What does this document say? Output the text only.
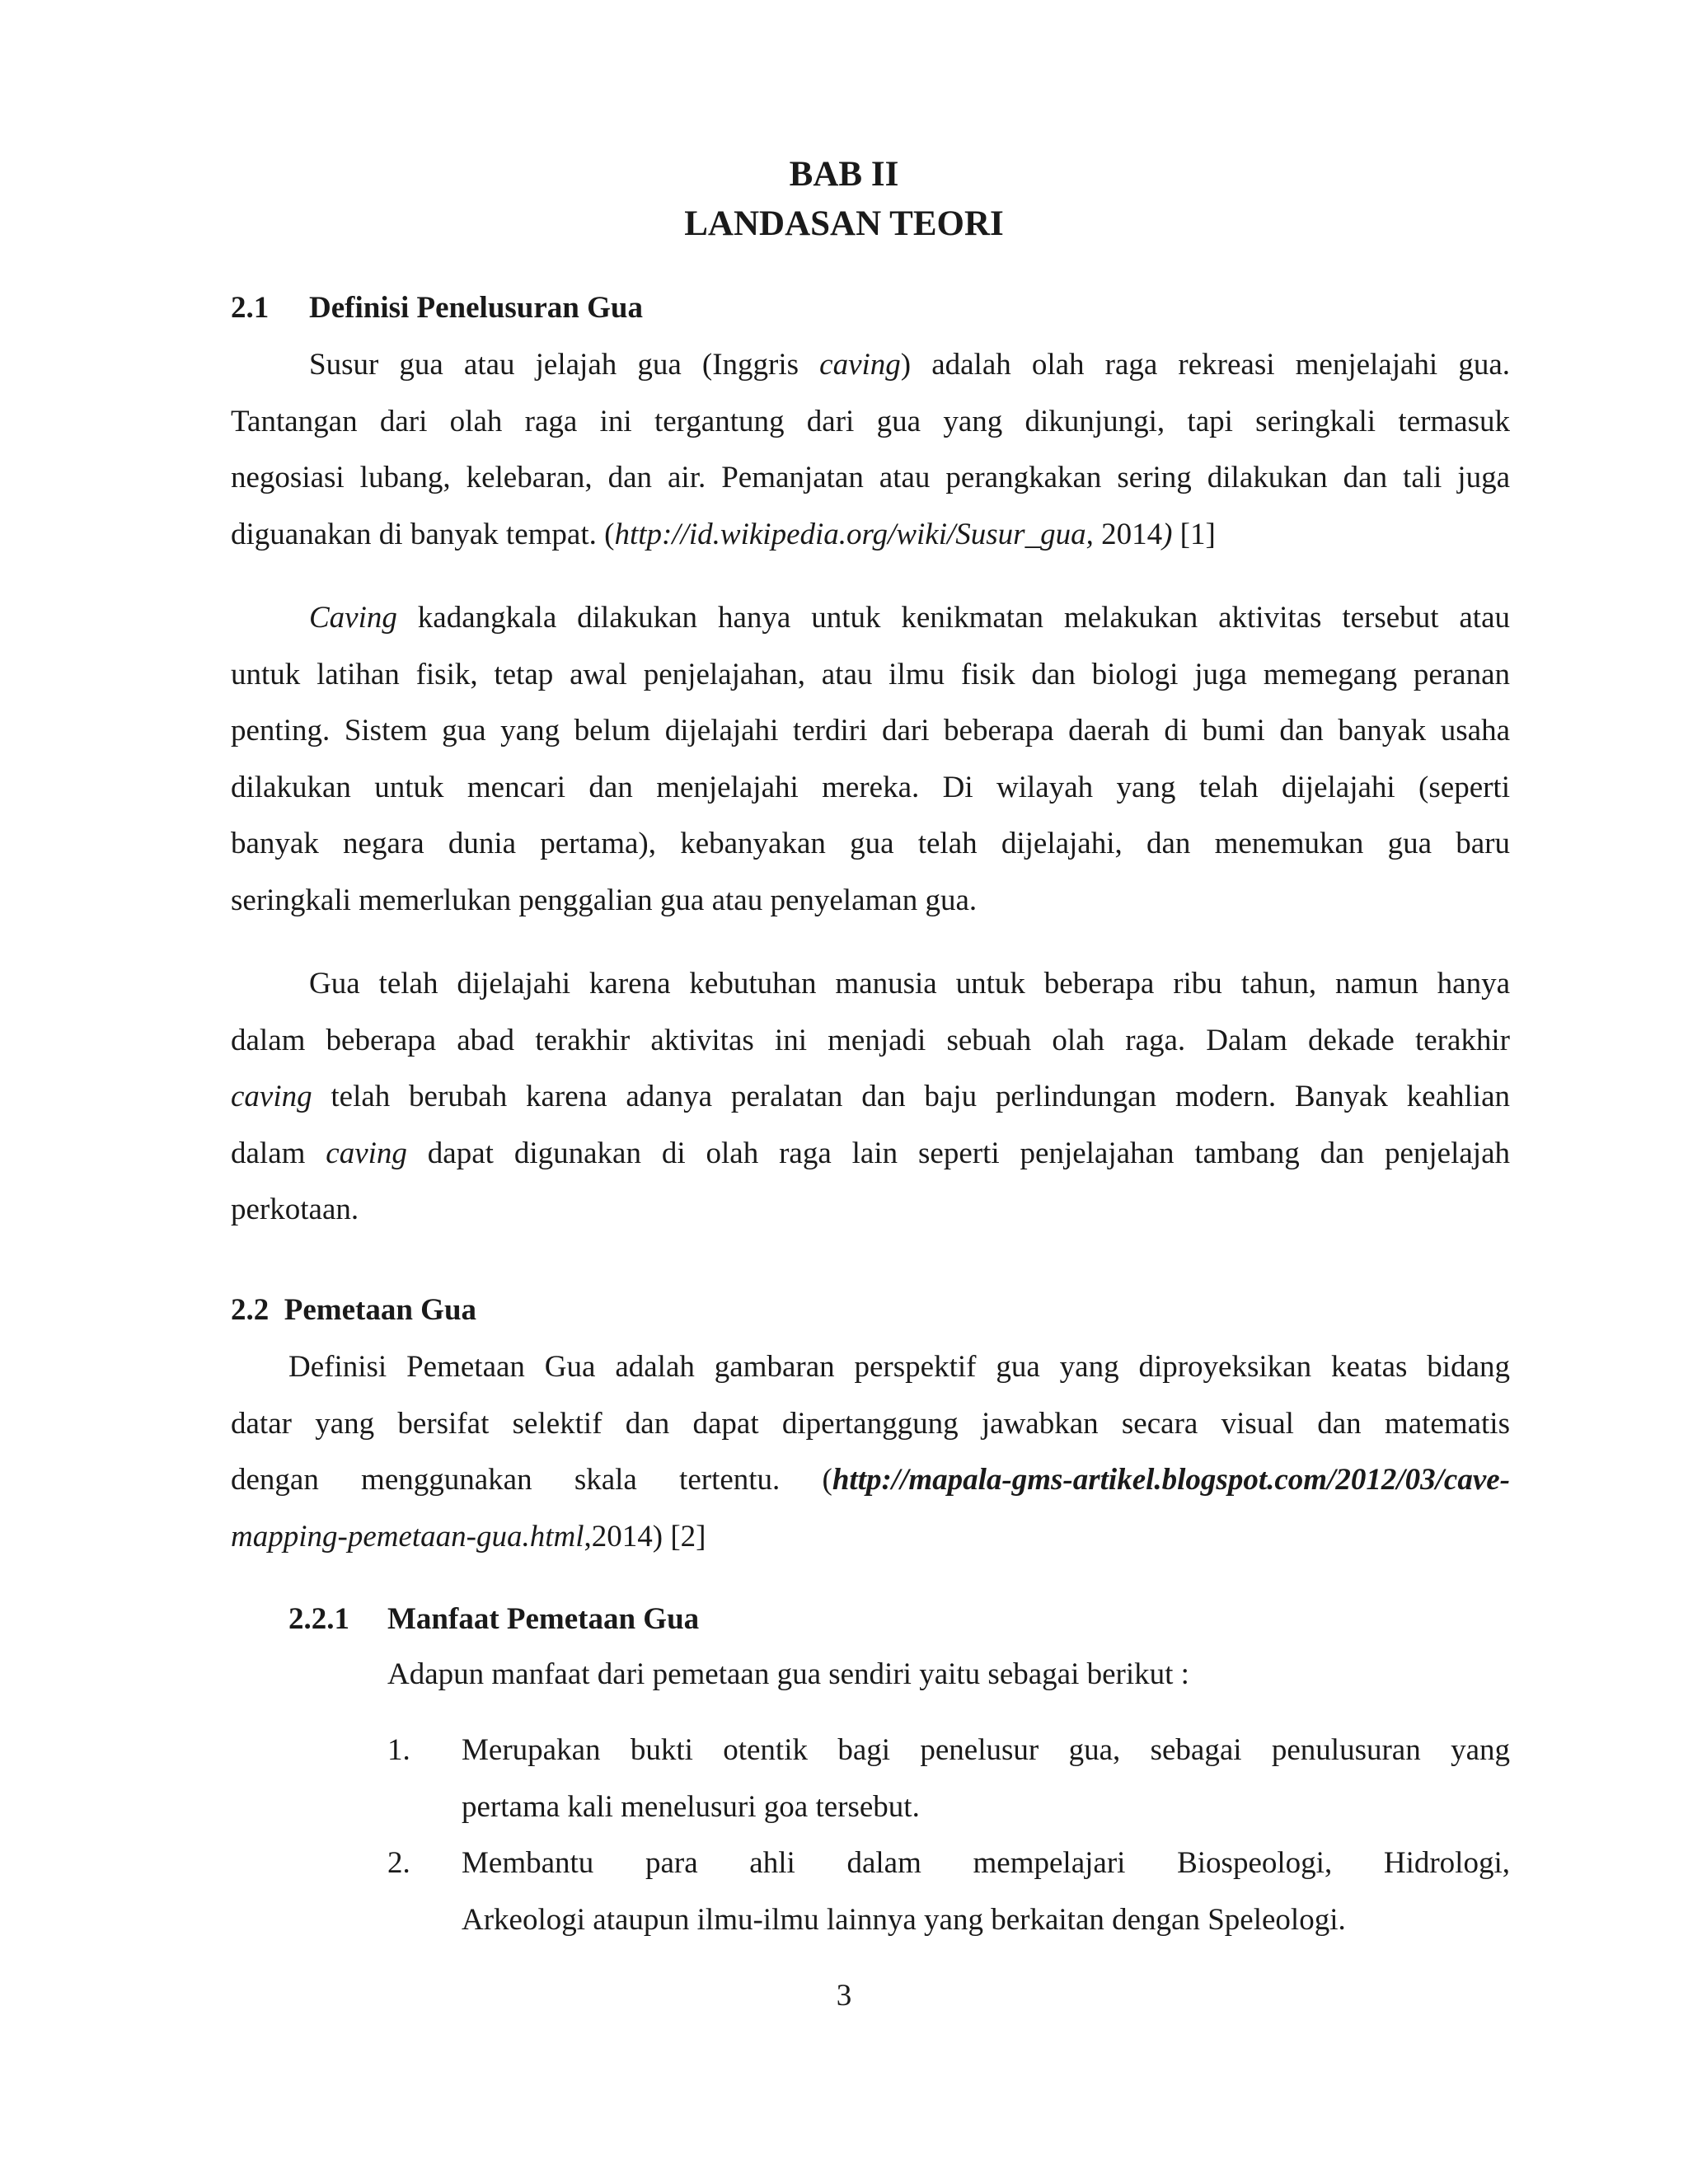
BAB II
LANDASAN TEORI
2.1 Definisi Penelusuran Gua
Susur gua atau jelajah gua (Inggris caving) adalah olah raga rekreasi menjelajahi gua.
Tantangan dari olah raga ini tergantung dari gua yang dikunjungi, tapi seringkali termasuk
negosiasi lubang, kelebaran, dan air. Pemanjatan atau perangkakan sering dilakukan dan tali juga
diguanakan di banyak tempat. (http://id.wikipedia.org/wiki/Susur_gua, 2014) [1]
Caving kadangkala dilakukan hanya untuk kenikmatan melakukan aktivitas tersebut atau
untuk latihan fisik, tetap awal penjelajahan, atau ilmu fisik dan biologi juga memegang peranan
penting. Sistem gua yang belum dijelajahi terdiri dari beberapa daerah di bumi dan banyak usaha
dilakukan untuk mencari dan menjelajahi mereka. Di wilayah yang telah dijelajahi (seperti
banyak negara dunia pertama), kebanyakan gua telah dijelajahi, dan menemukan gua baru
seringkali memerlukan penggalian gua atau penyelaman gua.
Gua telah dijelajahi karena kebutuhan manusia untuk beberapa ribu tahun, namun hanya
dalam beberapa abad terakhir aktivitas ini menjadi sebuah olah raga. Dalam dekade terakhir
caving telah berubah karena adanya peralatan dan baju perlindungan modern. Banyak keahlian
dalam caving dapat digunakan di olah raga lain seperti penjelajahan tambang dan penjelajah
perkotaan.
2.2 Pemetaan Gua
Definisi Pemetaan Gua adalah gambaran perspektif gua yang diproyeksikan keatas bidang
datar yang bersifat selektif dan dapat dipertanggung jawabkan secara visual dan matematis
dengan menggunakan skala tertentu. (http://mapala-gms-artikel.blogspot.com/2012/03/cave-
mapping-pemetaan-gua.html,2014) [2]
2.2.1 Manfaat Pemetaan Gua
Adapun manfaat dari pemetaan gua sendiri yaitu sebagai berikut :
1. Merupakan bukti otentik bagi penelusur gua, sebagai penulusuran yang
pertama kali menelusuri goa tersebut.
2. Membantu para ahli dalam mempelajari Biospeologi, Hidrologi,
Arkeologi ataupun ilmu-ilmu lainnya yang berkaitan dengan Speleologi.
3
